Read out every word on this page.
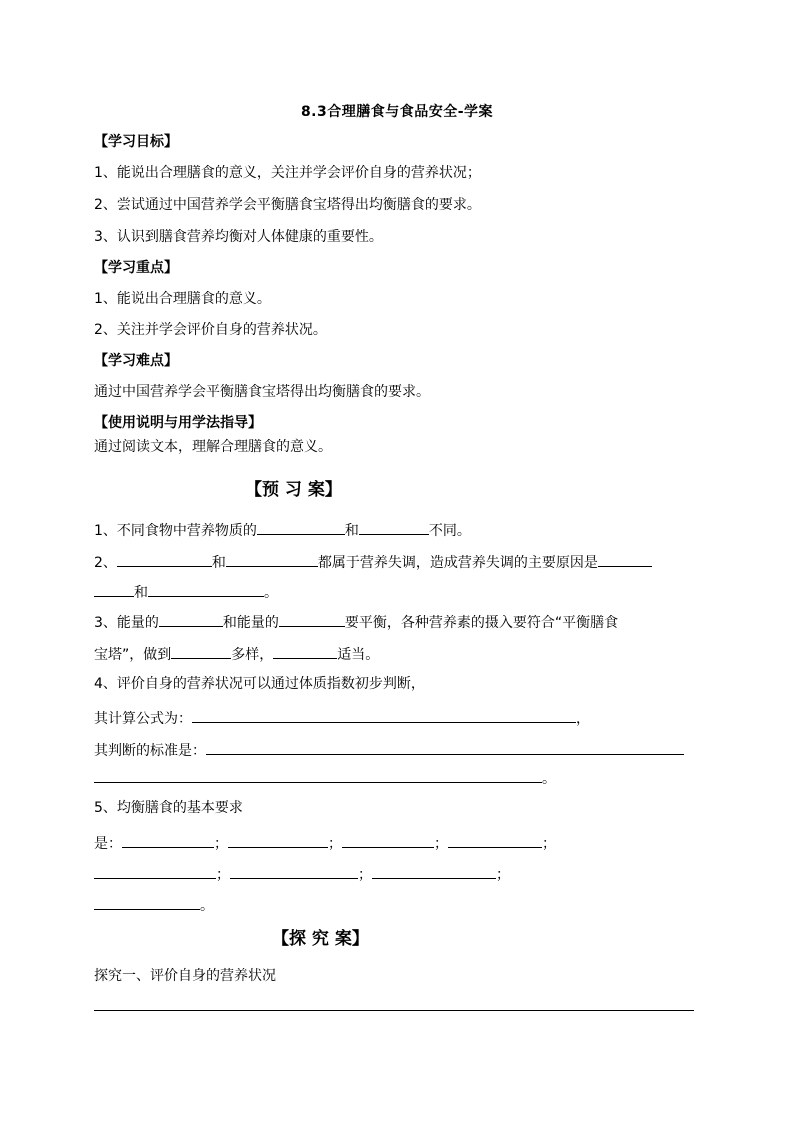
8.3合理膳食与食品安全-学案
【学习目标】
1、能说出合理膳食的意义，关注并学会评价自身的营养状况；
2、尝试通过中国营养学会平衡膳食宝塔得出均衡膳食的要求。
3、认识到膳食营养均衡对人体健康的重要性。
【学习重点】
1、能说出合理膳食的意义。
2、关注并学会评价自身的营养状况。
【学习难点】
通过中国营养学会平衡膳食宝塔得出均衡膳食的要求。
【使用说明与用学法指导】
通过阅读文本，理解合理膳食的意义。
【预 习 案】
1、不同食物中营养物质的	和	不同。
2、	和	都属于营养失调，造成营养失调的主要原因是
和	。
3、能量的	和能量的	要平衡，各种营养素的摄入要符合“平衡膳食
宝塔”，做到	多样，	适当。
4、评价自身的营养状况可以通过体质指数初步判断，
其计算公式为：	，
其判断的标准是：
。
5、均衡膳食的基本要求
是：	；	；	；	；
；	；	；
。
【探 究 案】
探究一、评价自身的营养状况
